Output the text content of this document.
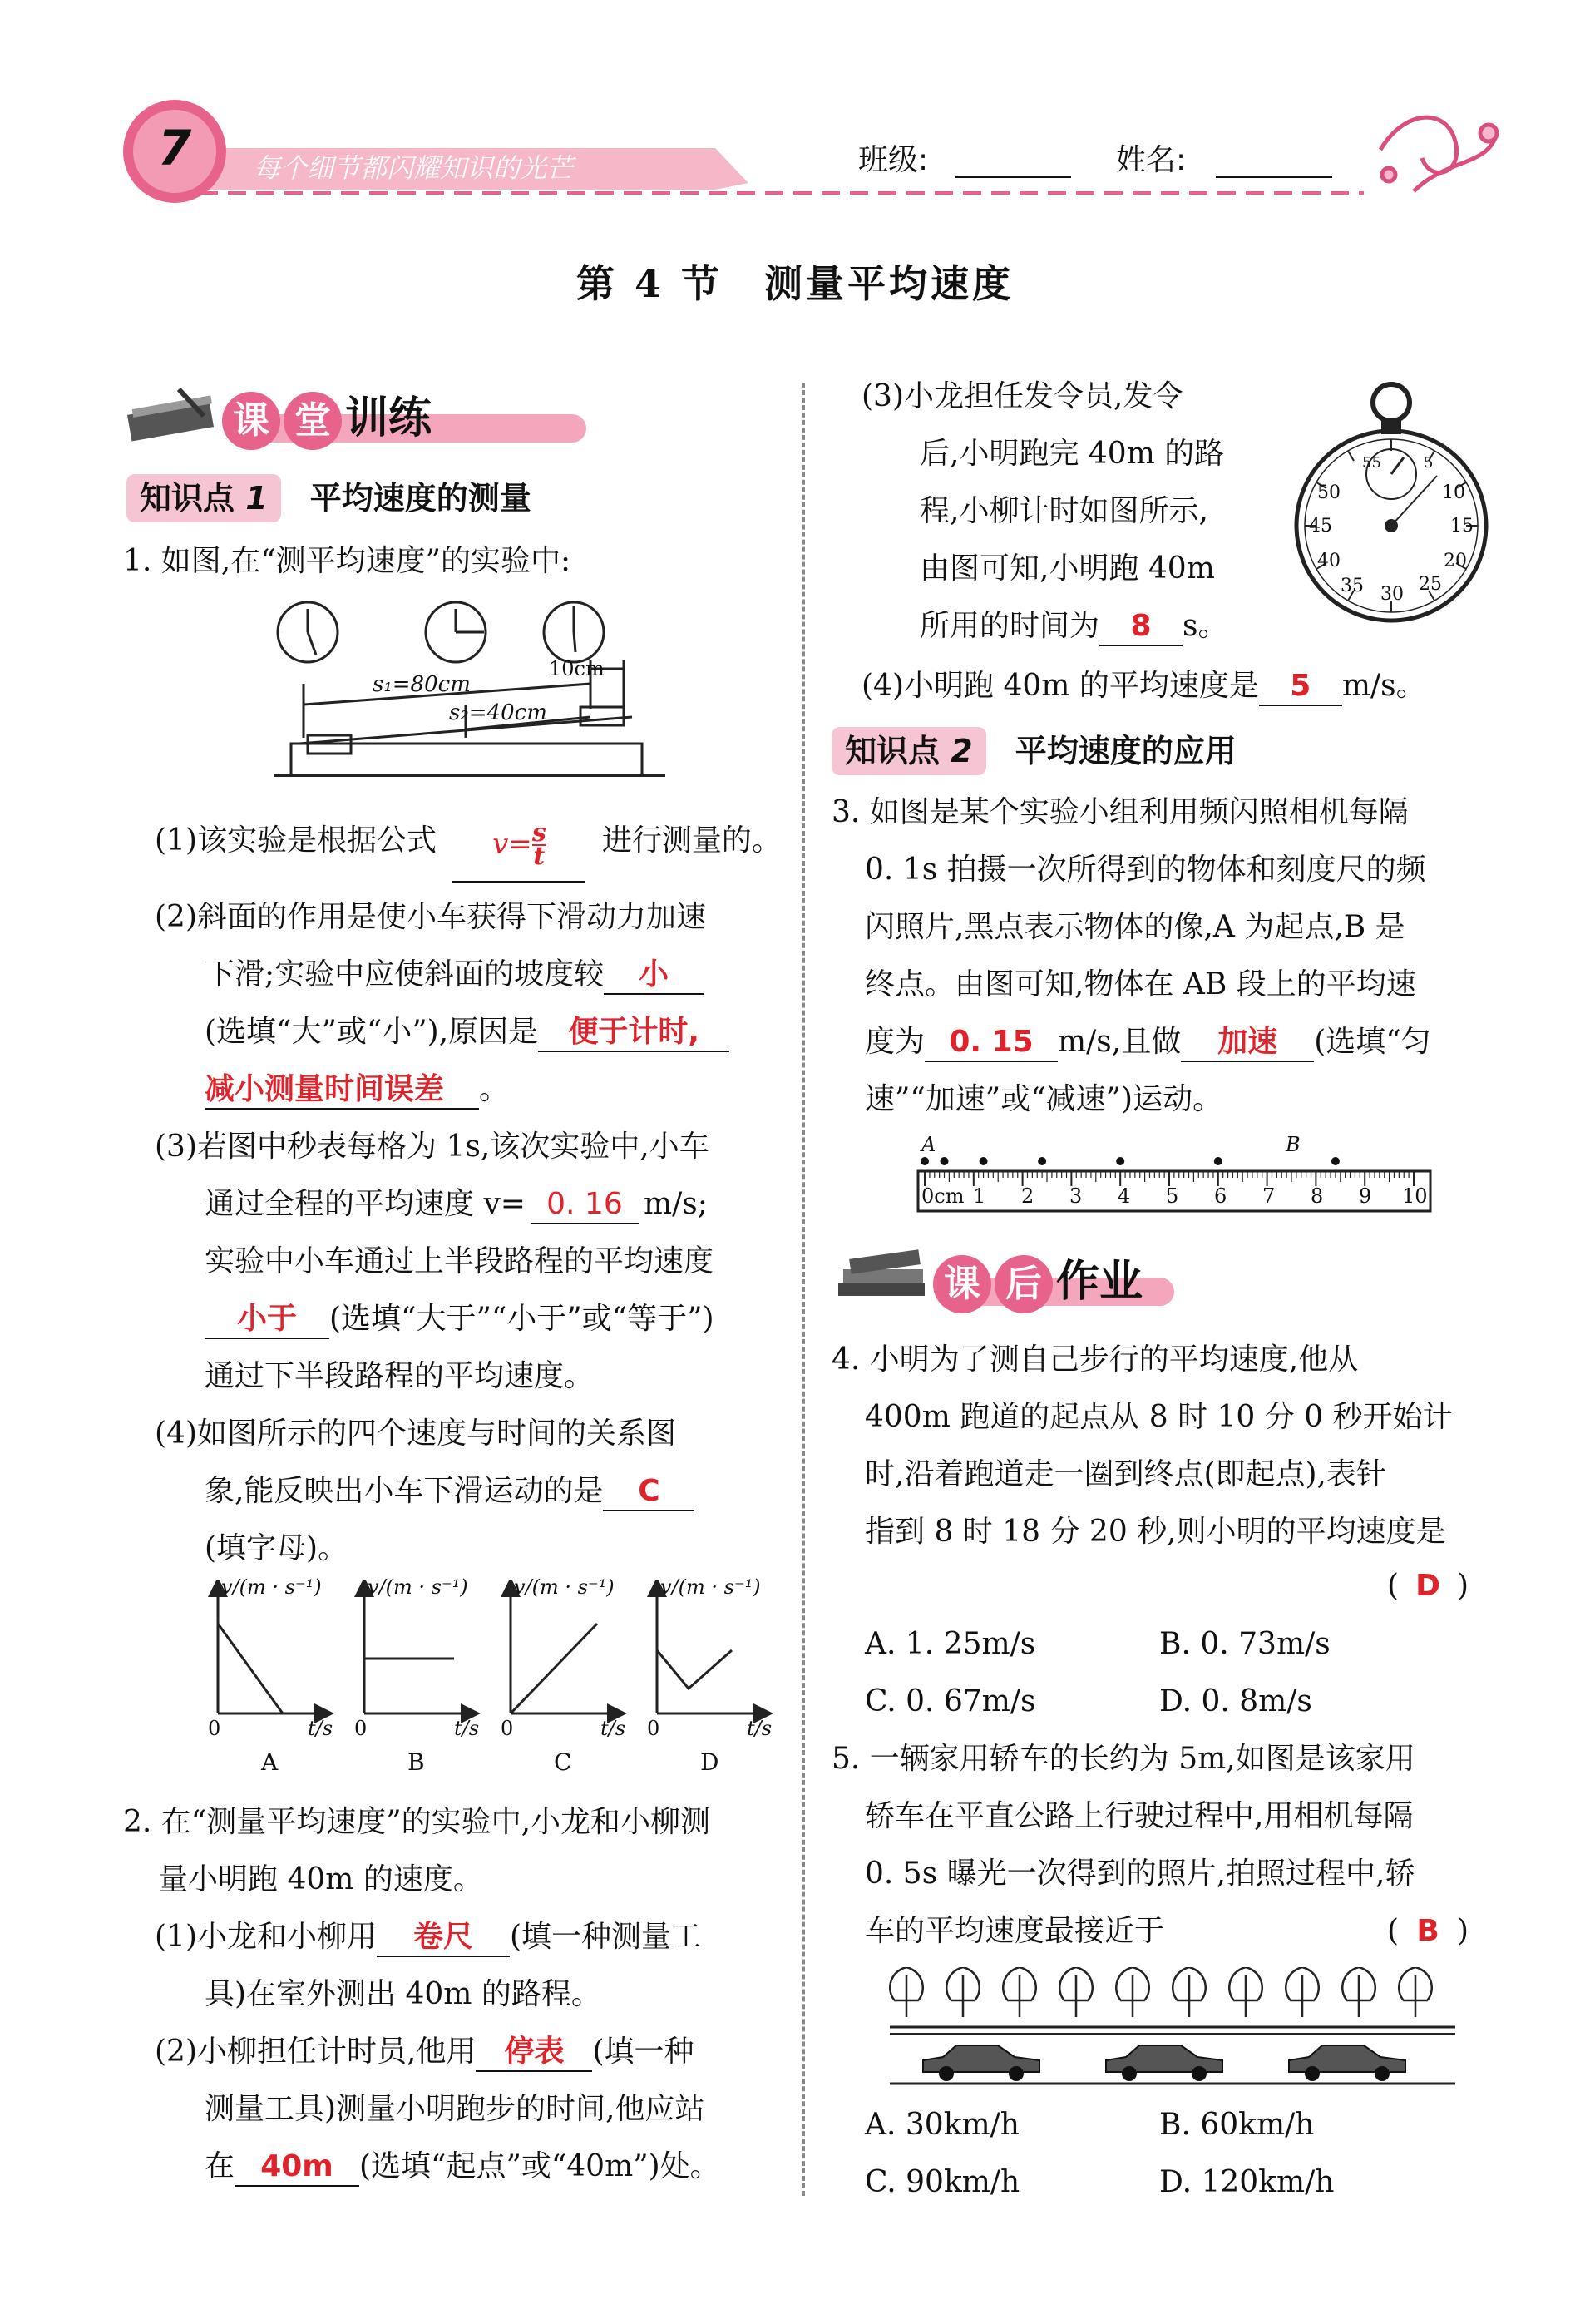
7	每个细节都闪耀知识的光芒	班级:	姓名:
第 4 节　测量平均速度
课 堂 训练
知识点 1 平均速度的测量
1. 如图,在“测平均速度”的实验中:
s₁=80cm
s₂=40cm
10cm
(1)该实验是根据公式 $v= \frac{s}{t}$ 进行测量的。
(2)斜面的作用是使小车获得下滑动力加速
下滑;实验中应使斜面的坡度较 小
(选填“大”或“小”),原因是 便于计时,
减小测量时间误差 。
(3)若图中秒表每格为 1s,该次实验中,小车
通过全程的平均速度 v= 0. 16 m/s;
实验中小车通过上半段路程的平均速度
小于 (选填“大于”“小于”或“等于”)
通过下半段路程的平均速度。
(4)如图所示的四个速度与时间的关系图
象,能反映出小车下滑运动的是 C
(填字母)。
v/(m · s⁻¹) v/(m · s⁻¹) v/(m · s⁻¹) v/(m · s⁻¹)
t/s	t/s	t/s	t/s
0	0	0	0
A	B	C	D
2. 在“测量平均速度”的实验中,小龙和小柳测
量小明跑 40m 的速度。
(1)小龙和小柳用 卷尺 (填一种测量工
具)在室外测出 40m 的路程。
(2)小柳担任计时员,他用 停表 (填一种
测量工具)测量小明跑步的时间,他应站
在 40m (选填“起点”或“40m”)处。
(3)小龙担任发令员,发令
后,小明跑完 40m 的路
程,小柳计时如图所示,
由图可知,小明跑 40m
所用的时间为 8 s。
55	5
10
15
20
25
30
35
40
45
50
(4)小明跑 40m 的平均速度是 5 m/s。
知识点 2 平均速度的应用
3. 如图是某个实验小组利用频闪照相机每隔
0. 1s 拍摄一次所得到的物体和刻度尺的频
闪照片,黑点表示物体的像,A 为起点,B 是
终点。由图可知,物体在 AB 段上的平均速
度为 0. 15 m/s,且做 加速 (选填“匀
速”“加速”或“减速”)运动。
A	B
0cm 1 2 3 4 5 6 7 8 9 10
课 后 作业
4. 小明为了测自己步行的平均速度,他从
400m 跑道的起点从 8 时 10 分 0 秒开始计
时,沿着跑道走一圈到终点(即起点),表针
指到 8 时 18 分 20 秒,则小明的平均速度是
( D )
A. 1. 25m/s	B. 0. 73m/s
C. 0. 67m/s	D. 0. 8m/s
5. 一辆家用轿车的长约为 5m,如图是该家用
轿车在平直公路上行驶过程中,用相机每隔
0. 5s 曝光一次得到的照片,拍照过程中,轿
车的平均速度最接近于	( B )
A. 30km/h	B. 60km/h
C. 90km/h	D. 120km/h
